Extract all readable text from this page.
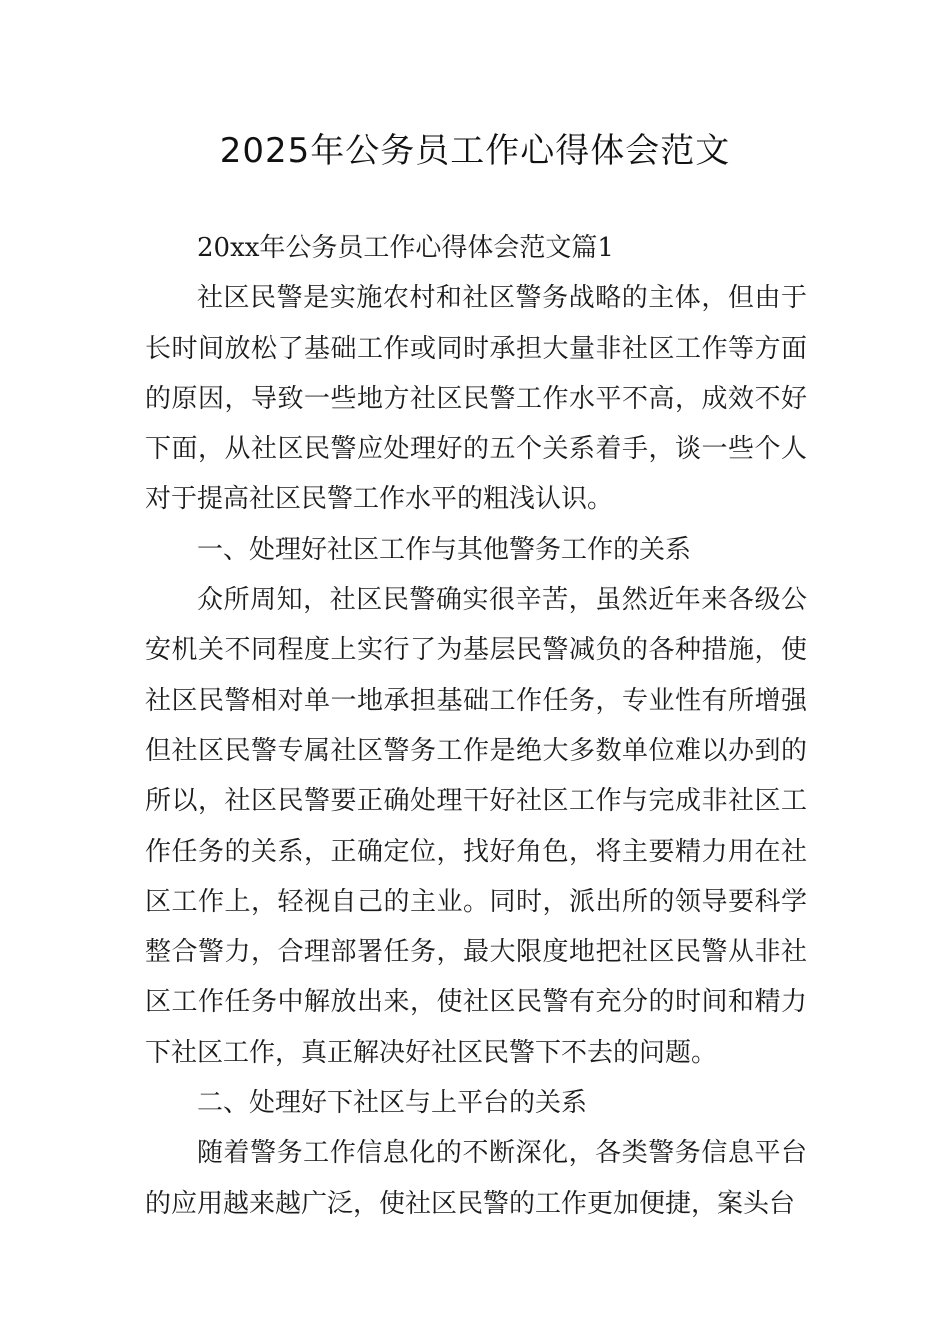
2025年公务员工作心得体会范文

20xx年公务员工作心得体会范文篇1

社区民警是实施农村和社区警务战略的主体，但由于长时间放松了基础工作或同时承担大量非社区工作等方面的原因，导致一些地方社区民警工作水平不高，成效不好下面，从社区民警应处理好的五个关系着手，谈一些个人对于提高社区民警工作水平的粗浅认识。

一、处理好社区工作与其他警务工作的关系

众所周知，社区民警确实很辛苦，虽然近年来各级公安机关不同程度上实行了为基层民警减负的各种措施，使社区民警相对单一地承担基础工作任务，专业性有所增强但社区民警专属社区警务工作是绝大多数单位难以办到的所以，社区民警要正确处理干好社区工作与完成非社区工作任务的关系，正确定位，找好角色，将主要精力用在社区工作上，轻视自己的主业。同时，派出所的领导要科学整合警力，合理部署任务，最大限度地把社区民警从非社区工作任务中解放出来，使社区民警有充分的时间和精力下社区工作，真正解决好社区民警下不去的问题。

二、处理好下社区与上平台的关系

随着警务工作信息化的不断深化，各类警务信息平台的应用越来越广泛，使社区民警的工作更加便捷，案头台
